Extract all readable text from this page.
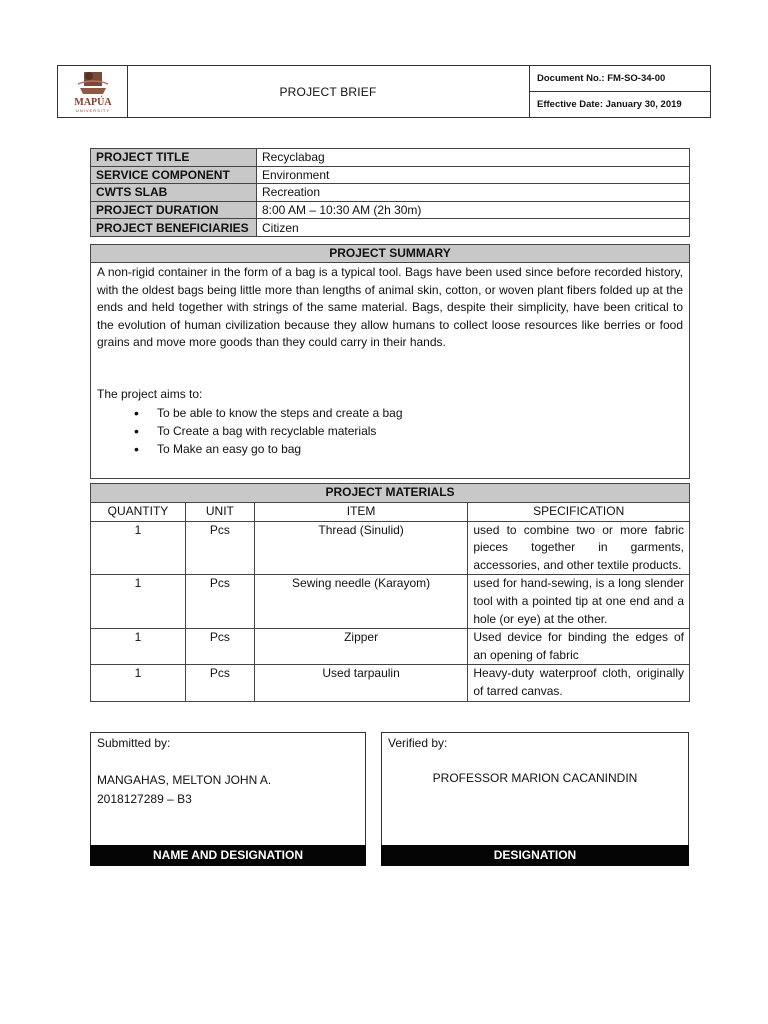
MAPÚA
UNIVERSITY
PROJECT BRIEF
Document No.: FM-SO-34-00
Effective Date: January 30, 2019
PROJECT TITLE	Recyclabag
SERVICE COMPONENT	Environment
CWTS SLAB	Recreation
PROJECT DURATION	8:00 AM – 10:30 AM (2h 30m)
PROJECT BENEFICIARIES	Citizen
PROJECT SUMMARY
A non-rigid container in the form of a bag is a typical tool. Bags have been used since before recorded history, with the oldest bags being little more than lengths of animal skin, cotton, or woven plant fibers folded up at the ends and held together with strings of the same material. Bags, despite their simplicity, have been critical to the evolution of human civilization because they allow humans to collect loose resources like berries or food grains and move more goods than they could carry in their hands.
The project aims to:
• To be able to know the steps and create a bag
• To Create a bag with recyclable materials
• To Make an easy go to bag
PROJECT MATERIALS			
QUANTITY	UNIT	ITEM	SPECIFICATION
1	Pcs	Thread (Sinulid)	used to combine two or more fabric pieces together in garments, accessories, and other textile products.
1	Pcs	Sewing needle (Karayom)	used for hand-sewing, is a long slender tool with a pointed tip at one end and a hole (or eye) at the other.
1	Pcs	Zipper	Used device for binding the edges of an opening of fabric
1	Pcs	Used tarpaulin	Heavy-duty waterproof cloth, originally of tarred canvas.
Submitted by:
MANGAHAS, MELTON JOHN A.
2018127289 – B3
NAME AND DESIGNATION
Verified by:
PROFESSOR MARION CACANINDIN
DESIGNATION
